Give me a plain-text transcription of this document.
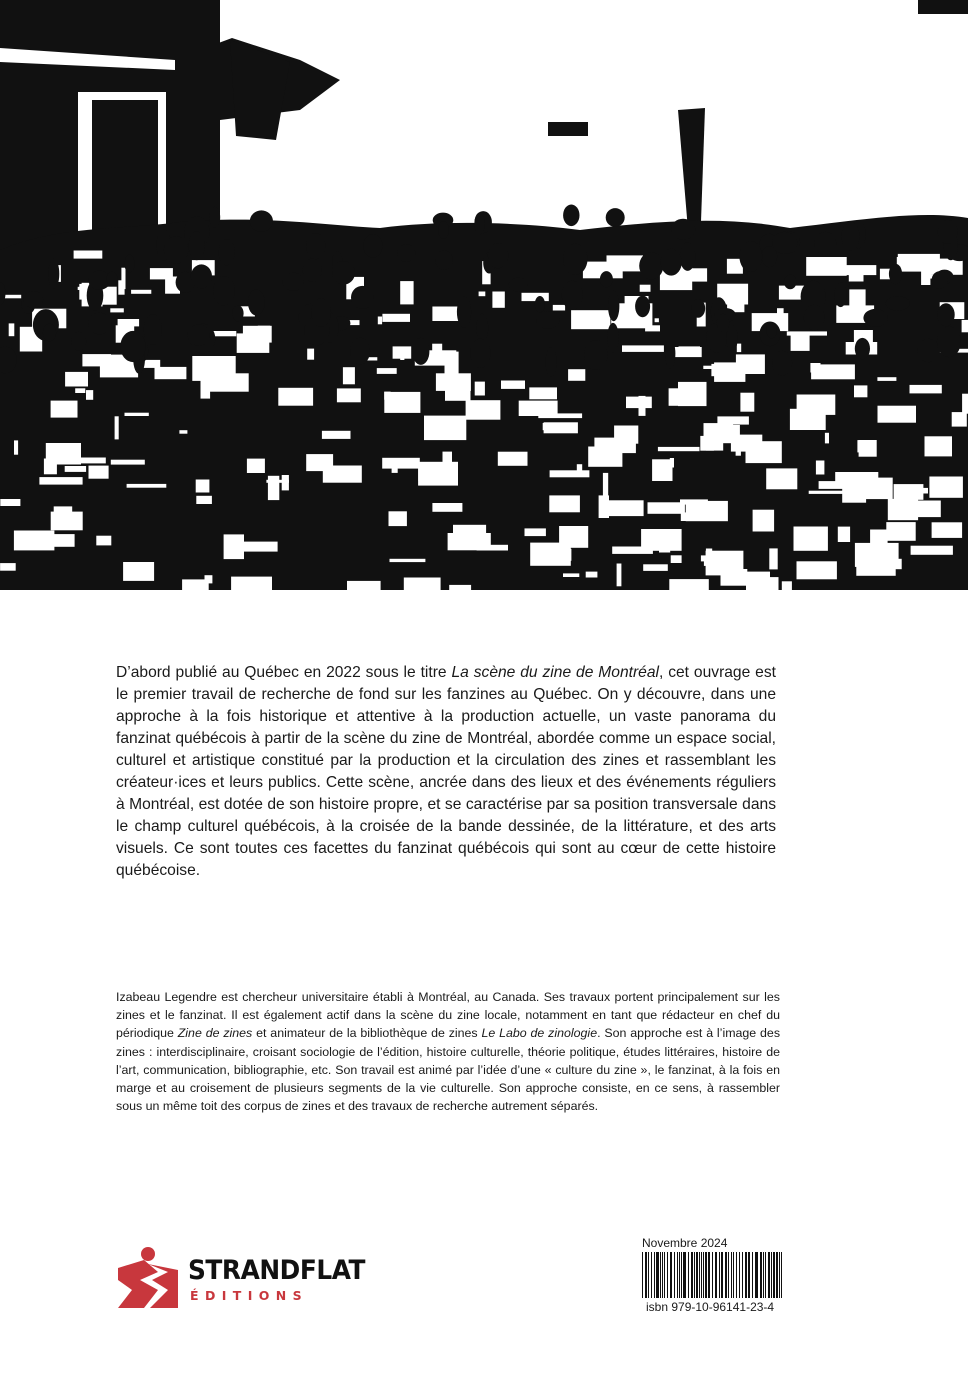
D’abord publié au Québec en 2022 sous le titre La scène du zine de Montréal, cet ouvrage est le premier travail de recherche de fond sur les fanzines au Québec. On y découvre, dans une approche à la fois historique et attentive à la production actuelle, un vaste panorama du fanzinat québécois à partir de la scène du zine de Montréal, abordée comme un espace social, culturel et artistique constitué par la production et la circulation des zines et rassemblant les créateur·ices et leurs publics. Cette scène, ancrée dans des lieux et des événements réguliers à Montréal, est dotée de son histoire propre, et se caractérise par sa position transversale dans le champ culturel québécois, à la croisée de la bande dessinée, de la littérature, et des arts visuels. Ce sont toutes ces facettes du fanzinat québécois qui sont au cœur de cette histoire québécoise.

Izabeau Legendre est chercheur universitaire établi à Montréal, au Canada. Ses travaux portent principalement sur les zines et le fanzinat. Il est également actif dans la scène du zine locale, notamment en tant que rédacteur en chef du périodique Zine de zines et animateur de la bibliothèque de zines Le Labo de zinologie. Son approche est à l’image des zines : interdisciplinaire, croisant sociologie de l’édition, histoire culturelle, théorie politique, études littéraires, histoire de l’art, communication, bibliographie, etc. Son travail est animé par l’idée d’une « culture du zine », le fanzinat, à la fois en marge et au croisement de plusieurs segments de la vie culturelle. Son approche consiste, en ce sens, à rassembler sous un même toit des corpus de zines et des travaux de recherche autrement séparés.

STRANDFLAT
ÉDITIONS
Novembre 2024
isbn 979-10-96141-23-4
